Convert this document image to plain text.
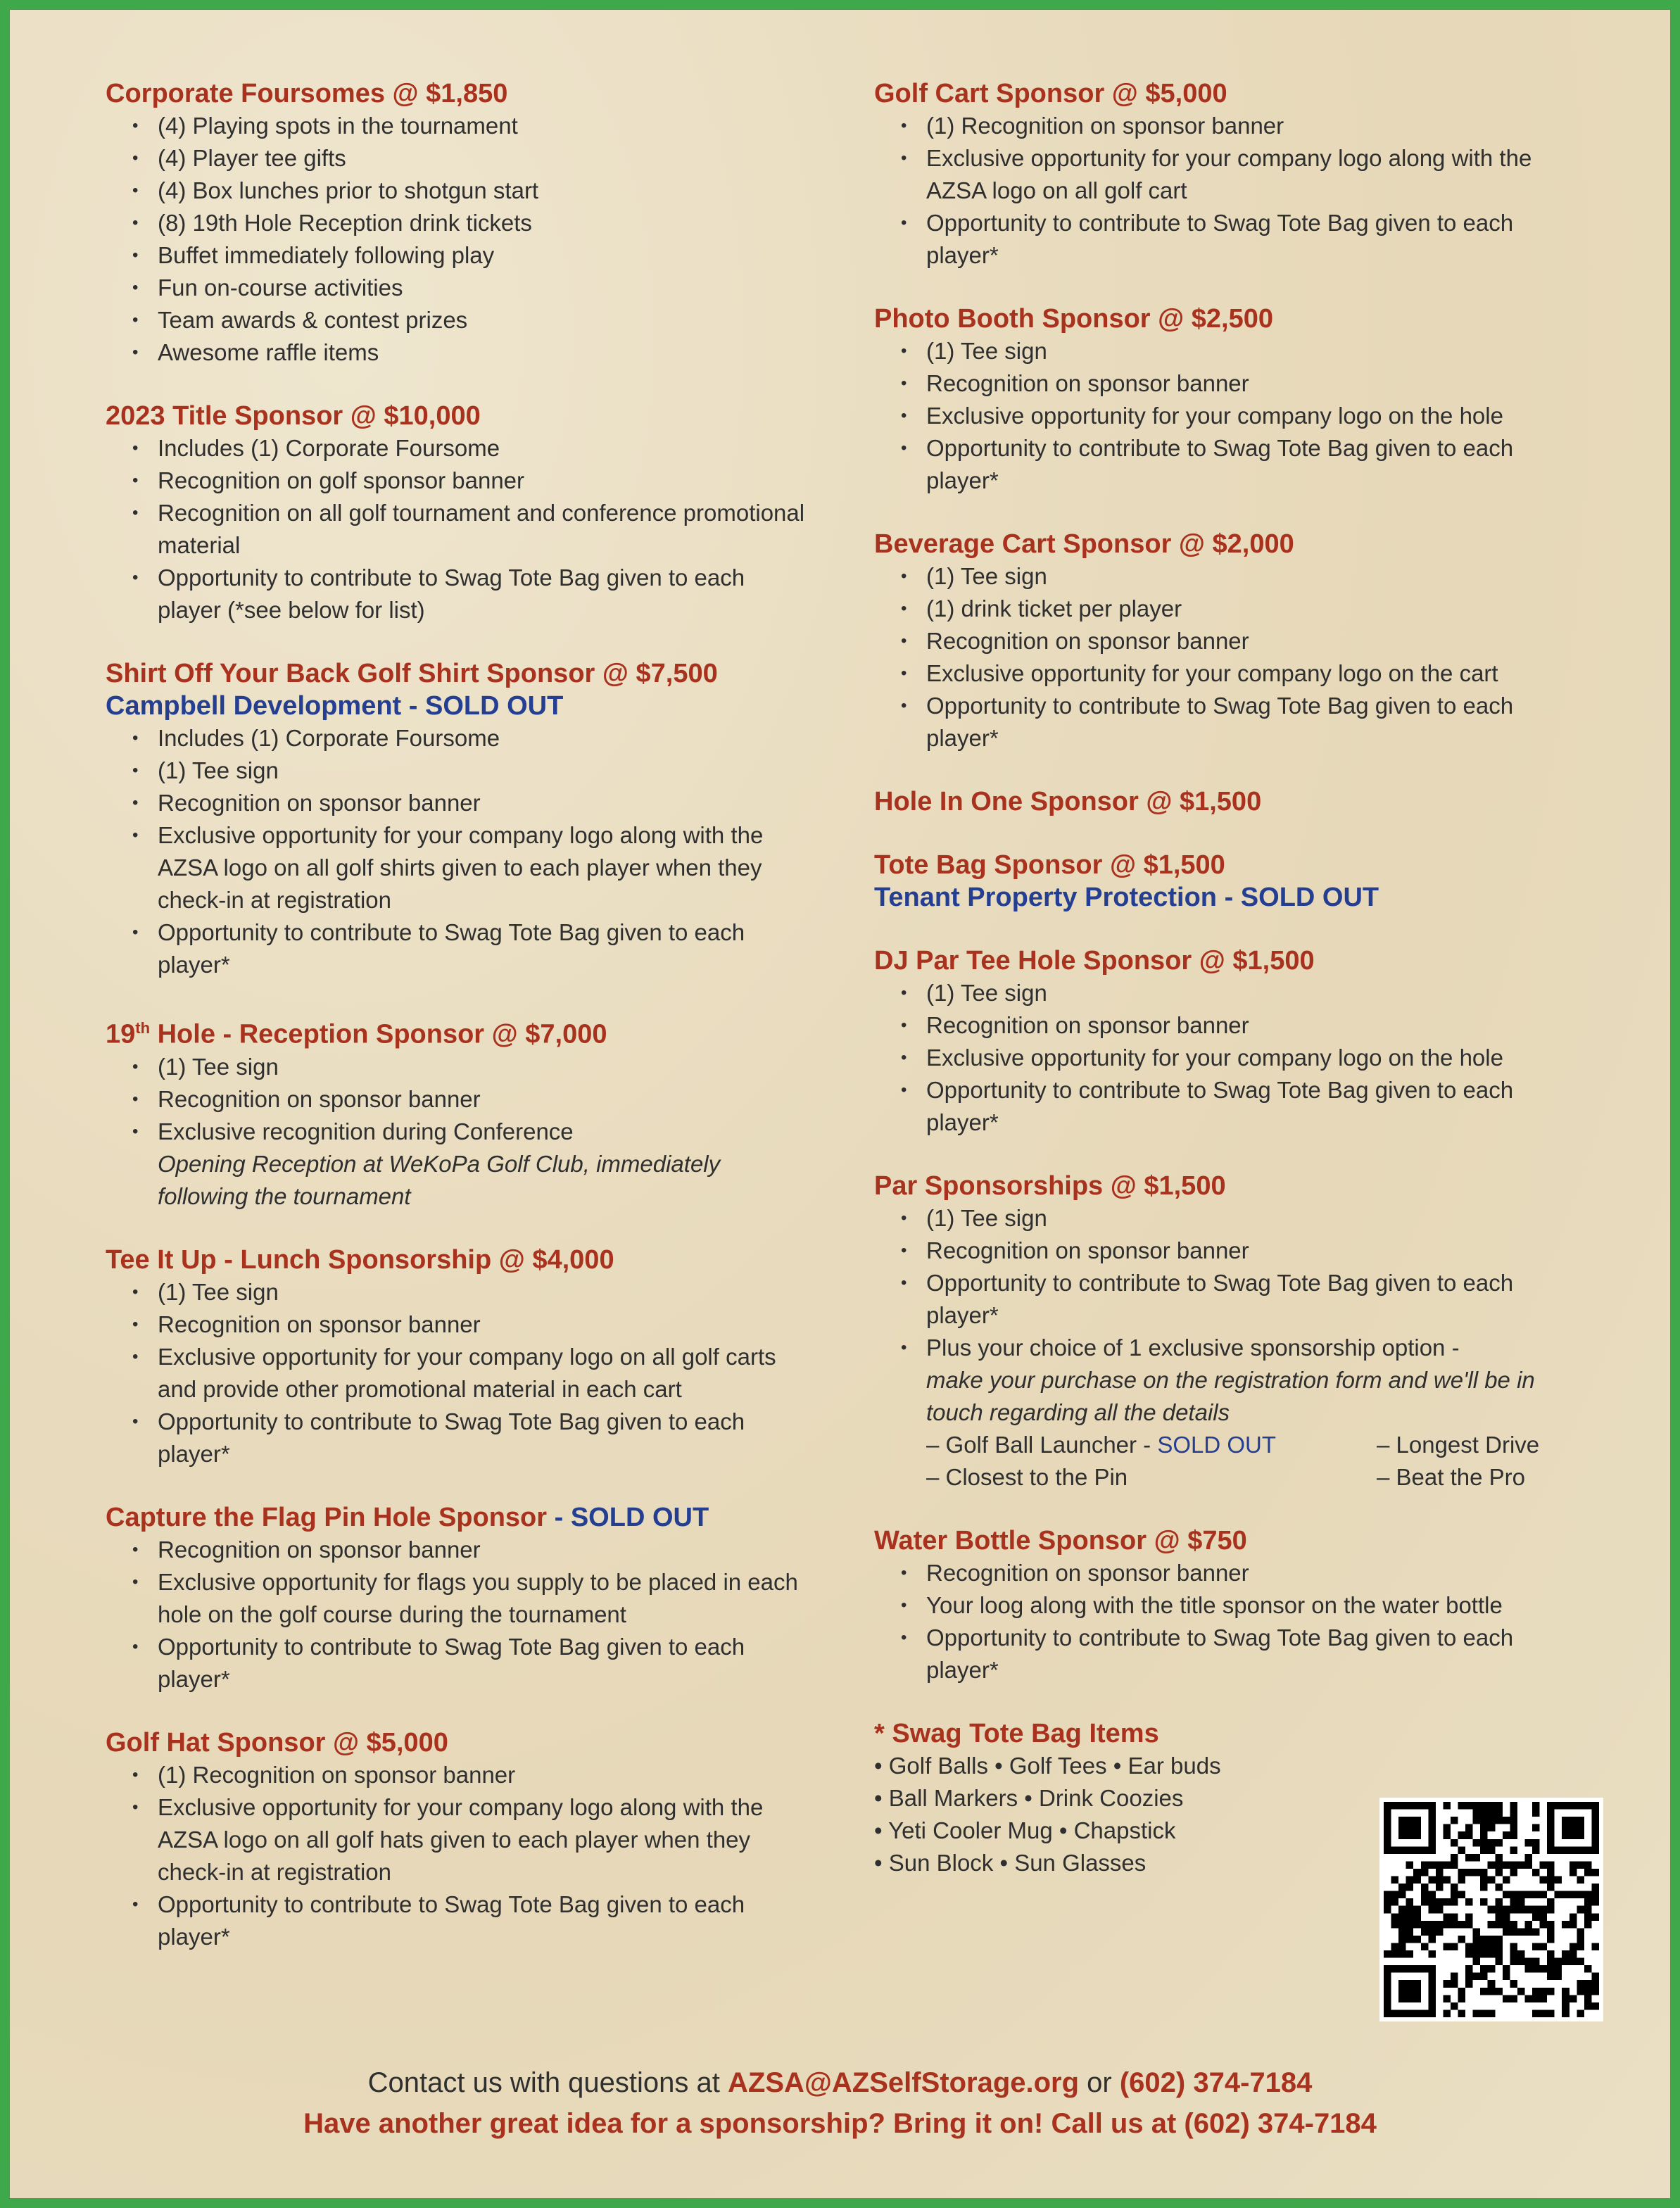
Corporate Foursomes @ $1,850
• (4) Playing spots in the tournament
• (4) Player tee gifts
• (4) Box lunches prior to shotgun start
• (8) 19th Hole Reception drink tickets
• Buffet immediately following play
• Fun on-course activities
• Team awards & contest prizes
• Awesome raffle items
2023 Title Sponsor @ $10,000
• Includes (1) Corporate Foursome
• Recognition on golf sponsor banner
• Recognition on all golf tournament and conference promotional material
• Opportunity to contribute to Swag Tote Bag given to each player (*see below for list)
Shirt Off Your Back Golf Shirt Sponsor @ $7,500
Campbell Development - SOLD OUT
• Includes (1) Corporate Foursome
• (1) Tee sign
• Recognition on sponsor banner
• Exclusive opportunity for your company logo along with the AZSA logo on all golf shirts given to each player when they check-in at registration
• Opportunity to contribute to Swag Tote Bag given to each player*
19th Hole - Reception Sponsor @ $7,000
• (1) Tee sign
• Recognition on sponsor banner
• Exclusive recognition during Conference
Opening Reception at WeKoPa Golf Club, immediately following the tournament
Tee It Up - Lunch Sponsorship @ $4,000
• (1) Tee sign
• Recognition on sponsor banner
• Exclusive opportunity for your company logo on all golf carts and provide other promotional material in each cart
• Opportunity to contribute to Swag Tote Bag given to each player*
Capture the Flag Pin Hole Sponsor - SOLD OUT
• Recognition on sponsor banner
• Exclusive opportunity for flags you supply to be placed in each hole on the golf course during the tournament
• Opportunity to contribute to Swag Tote Bag given to each player*
Golf Hat Sponsor @ $5,000
• (1) Recognition on sponsor banner
• Exclusive opportunity for your company logo along with the AZSA logo on all golf hats given to each player when they check-in at registration
• Opportunity to contribute to Swag Tote Bag given to each player*
Golf Cart Sponsor @ $5,000
• (1) Recognition on sponsor banner
• Exclusive opportunity for your company logo along with the AZSA logo on all golf cart
• Opportunity to contribute to Swag Tote Bag given to each player*
Photo Booth Sponsor @ $2,500
• (1) Tee sign
• Recognition on sponsor banner
• Exclusive opportunity for your company logo on the hole
• Opportunity to contribute to Swag Tote Bag given to each player*
Beverage Cart Sponsor @ $2,000
• (1) Tee sign
• (1) drink ticket per player
• Recognition on sponsor banner
• Exclusive opportunity for your company logo on the cart
• Opportunity to contribute to Swag Tote Bag given to each player*
Hole In One Sponsor @ $1,500
Tote Bag Sponsor @ $1,500
Tenant Property Protection - SOLD OUT
DJ Par Tee Hole Sponsor @ $1,500
• (1) Tee sign
• Recognition on sponsor banner
• Exclusive opportunity for your company logo on the hole
• Opportunity to contribute to Swag Tote Bag given to each player*
Par Sponsorships @ $1,500
• (1) Tee sign
• Recognition on sponsor banner
• Opportunity to contribute to Swag Tote Bag given to each player*
• Plus your choice of 1 exclusive sponsorship option -
make your purchase on the registration form and we'll be in touch regarding all the details
– Golf Ball Launcher - SOLD OUT	– Longest Drive
– Closest to the Pin	– Beat the Pro
Water Bottle Sponsor @ $750
• Recognition on sponsor banner
• Your loog along with the title sponsor on the water bottle
• Opportunity to contribute to Swag Tote Bag given to each player*
* Swag Tote Bag Items
• Golf Balls • Golf Tees • Ear buds
• Ball Markers • Drink Coozies
• Yeti Cooler Mug • Chapstick
• Sun Block • Sun Glasses
Contact us with questions at AZSA@AZSelfStorage.org or (602) 374-7184
Have another great idea for a sponsorship? Bring it on! Call us at (602) 374-7184
